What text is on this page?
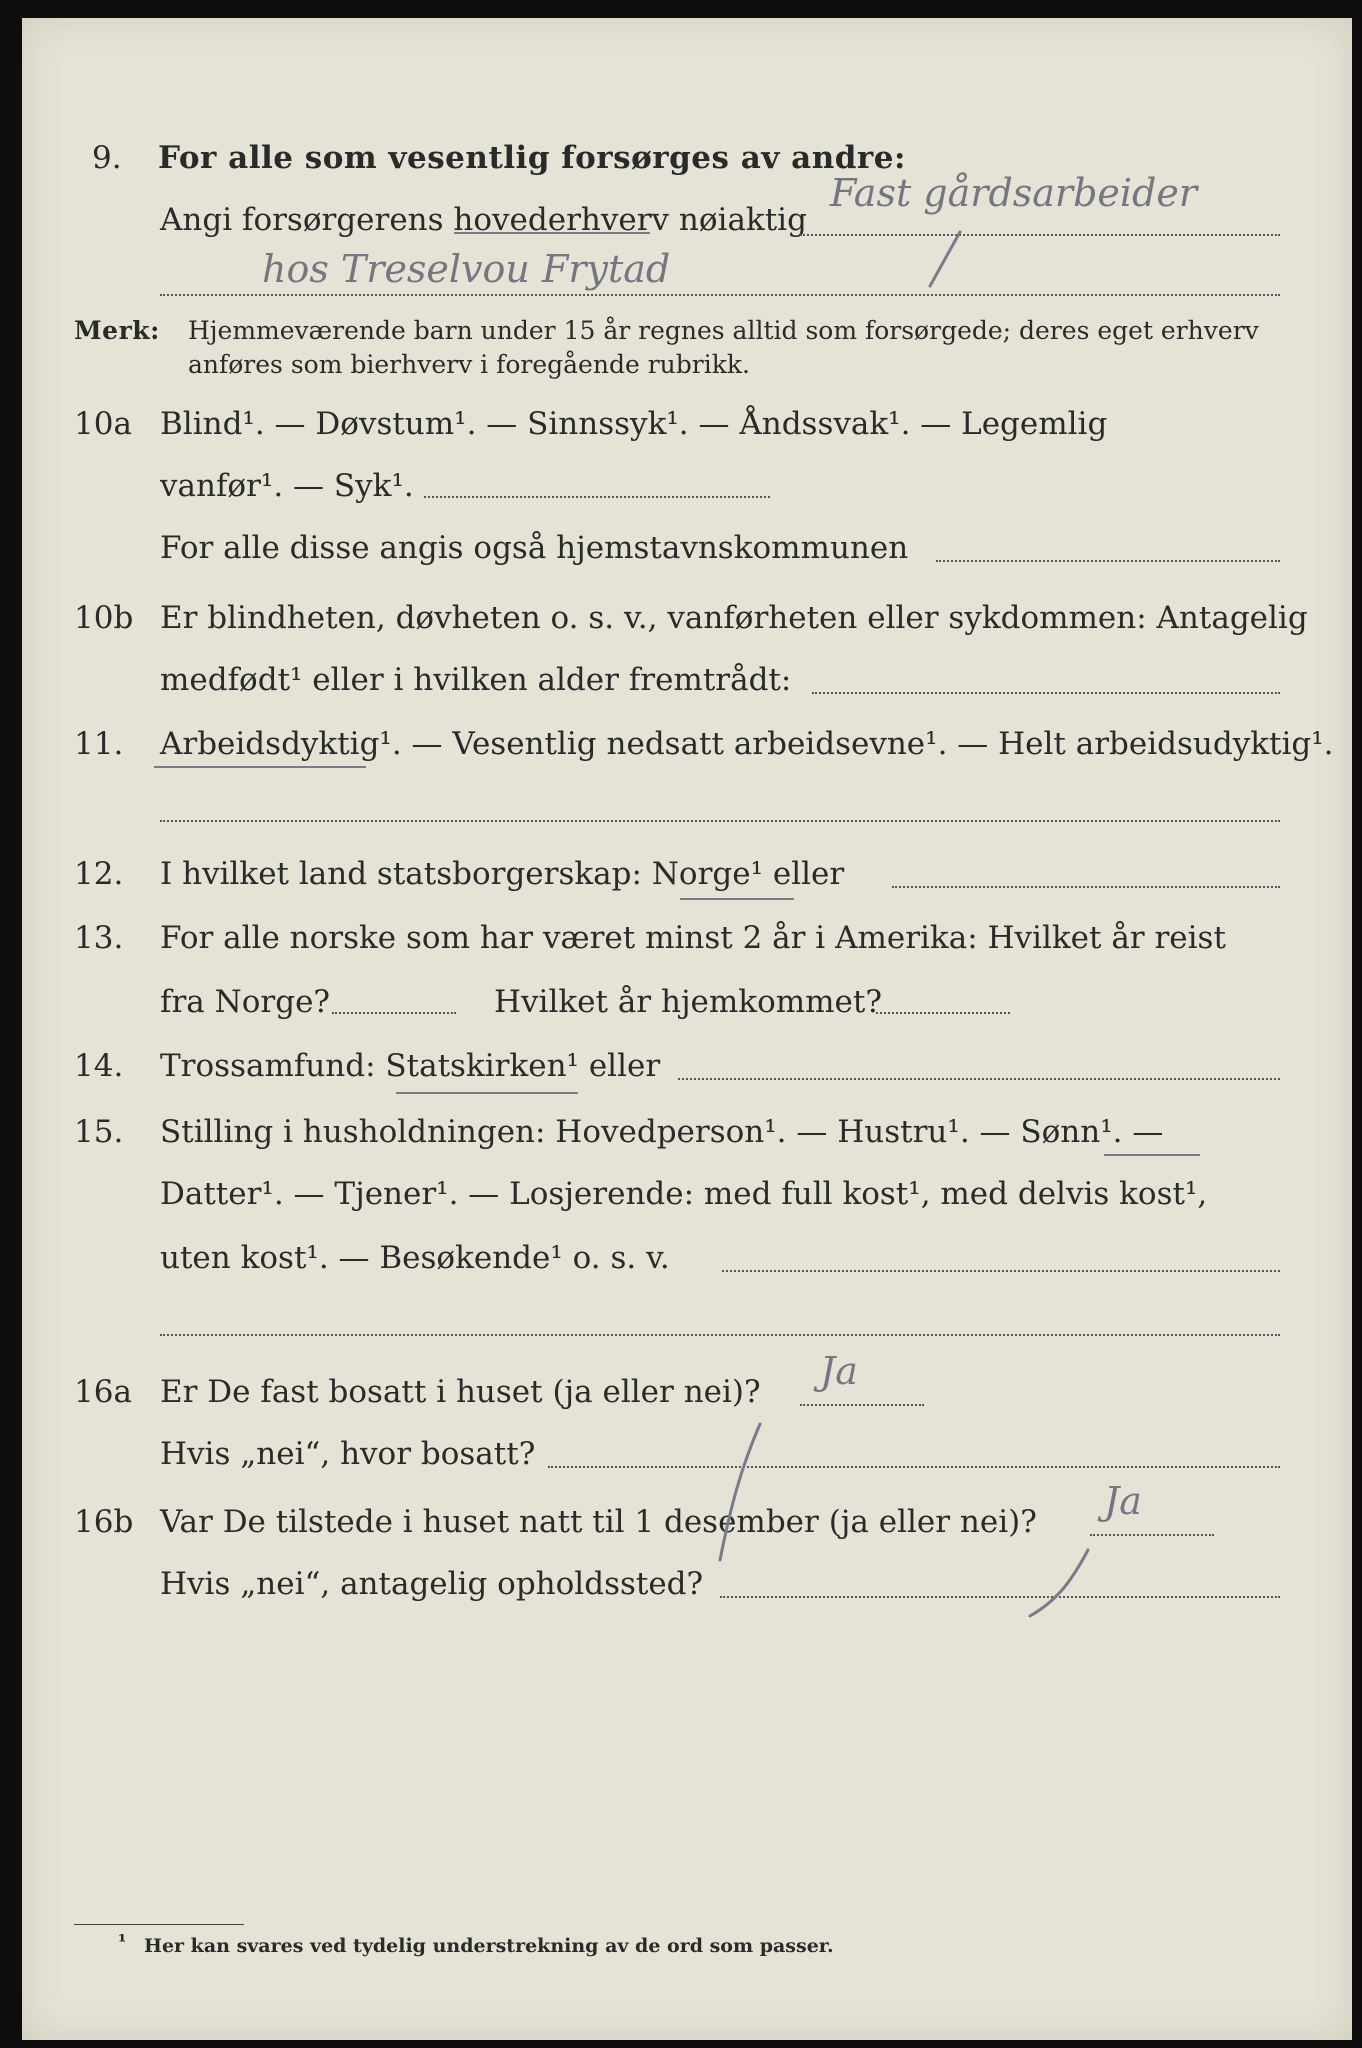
9. For alle som vesentlig forsørges av andre:
Angi forsørgerens hovederhverv nøiaktig
Fast gårdsarbeider
hos Treselvou Frytad
Merk: Hjemmeværende barn under 15 år regnes alltid som forsørgede; deres eget erhverv
anføres som bierhverv i foregående rubrikk.
10a Blind¹. — Døvstum¹. — Sinnssyk¹. — Åndssvak¹. — Legemlig
vanfør¹. — Syk¹.
For alle disse angis også hjemstavnskommunen
10b Er blindheten, døvheten o. s. v., vanførheten eller sykdommen: Antagelig
medfødt¹ eller i hvilken alder fremtrådt:
11. Arbeidsdyktig¹. — Vesentlig nedsatt arbeidsevne¹. — Helt arbeidsudyktig¹.
12. I hvilket land statsborgerskap: Norge¹ eller
13. For alle norske som har været minst 2 år i Amerika: Hvilket år reist
fra Norge?	Hvilket år hjemkommet?
14. Trossamfund: Statskirken¹ eller
15. Stilling i husholdningen: Hovedperson¹. — Hustru¹. — Sønn¹. —
Datter¹. — Tjener¹. — Losjerende: med full kost¹, med delvis kost¹,
uten kost¹. — Besøkende¹ o. s. v.
16a Er De fast bosatt i huset (ja eller nei)? Ja
Hvis „nei“, hvor bosatt?
16b Var De tilstede i huset natt til 1 desember (ja eller nei)? Ja
Hvis „nei“, antagelig opholdssted?
¹ Her kan svares ved tydelig understrekning av de ord som passer.
